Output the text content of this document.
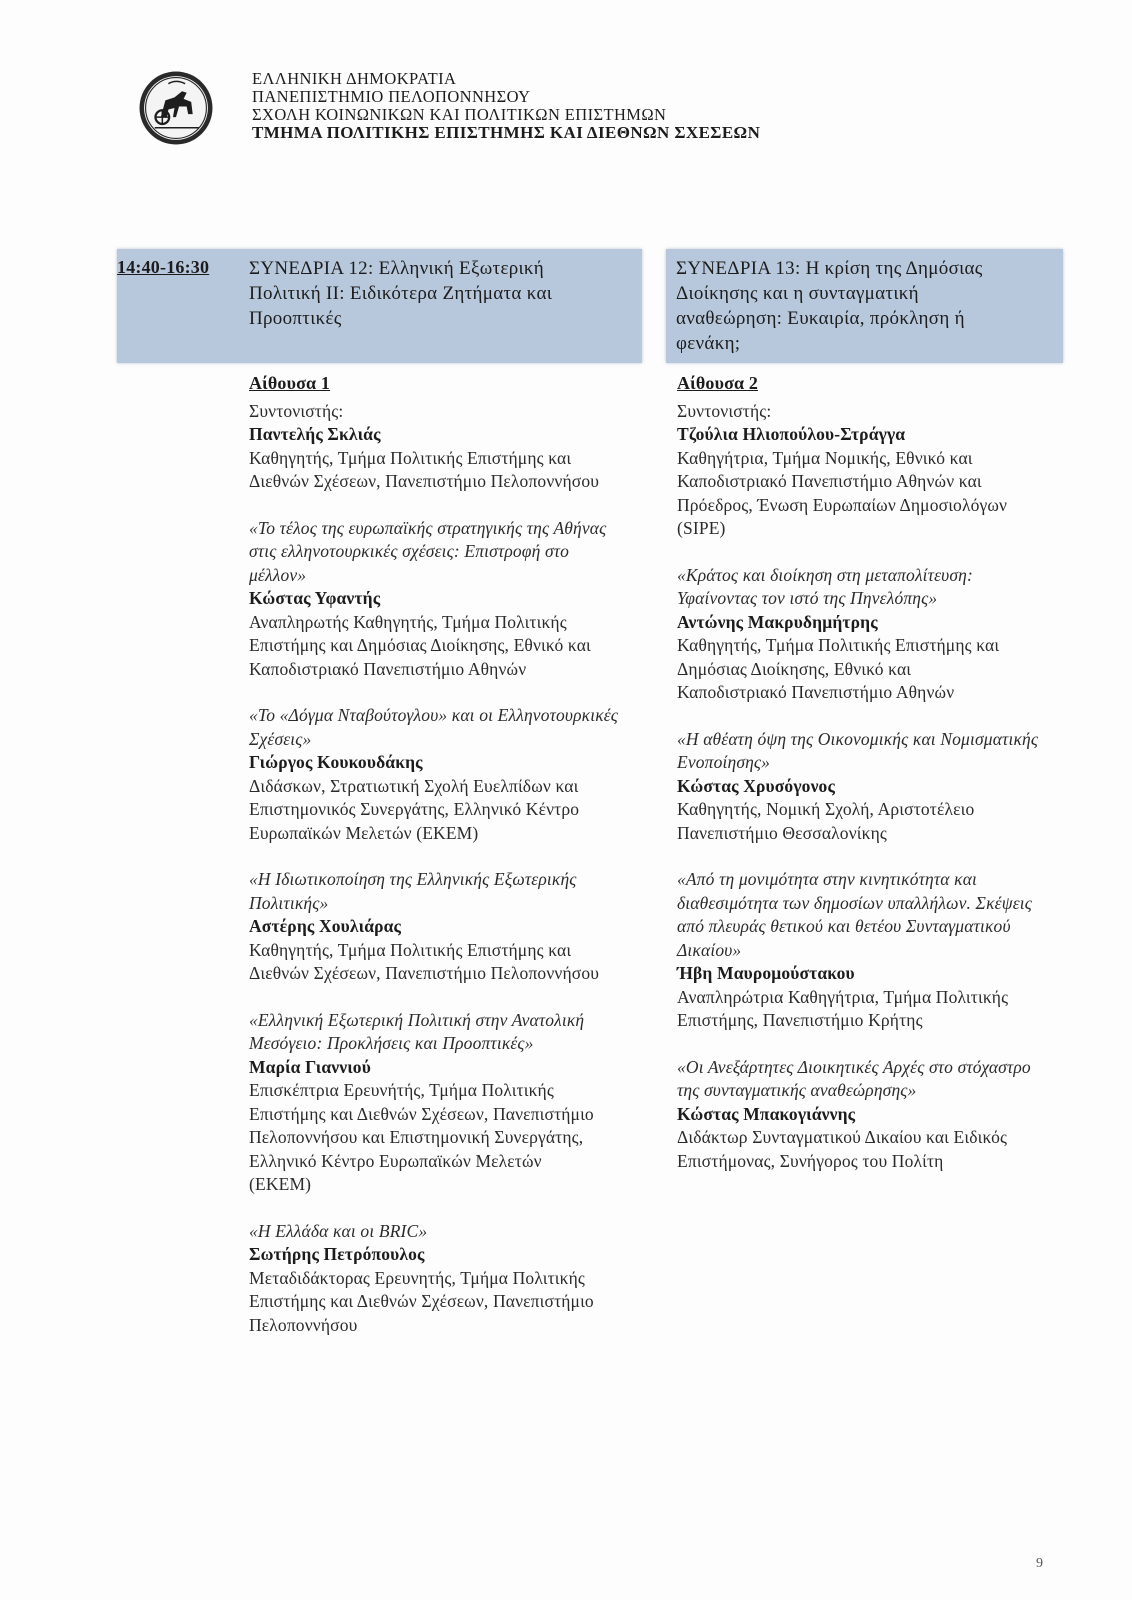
ΕΛΛΗΝΙΚΗ ΔΗΜΟΚΡΑΤΙΑ
ΠΑΝΕΠΙΣΤΗΜΙΟ ΠΕΛΟΠΟΝΝΗΣΟΥ
ΣΧΟΛΗ ΚΟΙΝΩΝΙΚΩΝ ΚΑΙ ΠΟΛΙΤΙΚΩΝ ΕΠΙΣΤΗΜΩΝ
ΤΜΗΜΑ ΠΟΛΙΤΙΚΗΣ ΕΠΙΣΤΗΜΗΣ ΚΑΙ ΔΙΕΘΝΩΝ ΣΧΕΣΕΩΝ
14:40-16:30 ΣΥΝΕΔΡΙΑ 12: Ελληνική Εξωτερική
Πολιτική ΙΙ: Ειδικότερα Ζητήματα και
Προοπτικές
ΣΥΝΕΔΡΙΑ 13: Η κρίση της Δημόσιας
Διοίκησης και η συνταγματική
αναθεώρηση: Ευκαιρία, πρόκληση ή
φενάκη;
Αίθουσα 1
Συντονιστής:
Παντελής Σκλιάς
Καθηγητής, Τμήμα Πολιτικής Επιστήμης και
Διεθνών Σχέσεων, Πανεπιστήμιο Πελοποννήσου
«Το τέλος της ευρωπαϊκής στρατηγικής της Αθήνας
στις ελληνοτουρκικές σχέσεις: Επιστροφή στο
μέλλον»
Κώστας Υφαντής
Αναπληρωτής Καθηγητής, Τμήμα Πολιτικής
Επιστήμης και Δημόσιας Διοίκησης, Εθνικό και
Καποδιστριακό Πανεπιστήμιο Αθηνών
«Το «Δόγμα Νταβούτογλου» και οι Ελληνοτουρκικές
Σχέσεις»
Γιώργος Κουκουδάκης
Διδάσκων, Στρατιωτική Σχολή Ευελπίδων και
Επιστημονικός Συνεργάτης, Ελληνικό Κέντρο
Ευρωπαϊκών Μελετών (ΕΚΕΜ)
«Η Ιδιωτικοποίηση της Ελληνικής Εξωτερικής
Πολιτικής»
Αστέρης Χουλιάρας
Καθηγητής, Τμήμα Πολιτικής Επιστήμης και
Διεθνών Σχέσεων, Πανεπιστήμιο Πελοποννήσου
«Ελληνική Εξωτερική Πολιτική στην Ανατολική
Μεσόγειο: Προκλήσεις και Προοπτικές»
Μαρία Γιαννιού
Επισκέπτρια Ερευνήτής, Τμήμα Πολιτικής
Επιστήμης και Διεθνών Σχέσεων, Πανεπιστήμιο
Πελοποννήσου και Επιστημονική Συνεργάτης,
Ελληνικό Κέντρο Ευρωπαϊκών Μελετών
(ΕΚΕΜ)
«Η Ελλάδα και οι BRIC»
Σωτήρης Πετρόπουλος
Μεταδιδάκτορας Ερευνητής, Τμήμα Πολιτικής
Επιστήμης και Διεθνών Σχέσεων, Πανεπιστήμιο
Πελοποννήσου
Αίθουσα 2
Συντονιστής:
Τζούλια Ηλιοπούλου-Στράγγα
Καθηγήτρια, Τμήμα Νομικής, Εθνικό και
Καποδιστριακό Πανεπιστήμιο Αθηνών και
Πρόεδρος, Ένωση Ευρωπαίων Δημοσιολόγων
(SIPE)
«Κράτος και διοίκηση στη μεταπολίτευση:
Υφαίνοντας τον ιστό της Πηνελόπης»
Αντώνης Μακρυδημήτρης
Καθηγητής, Τμήμα Πολιτικής Επιστήμης και
Δημόσιας Διοίκησης, Εθνικό και
Καποδιστριακό Πανεπιστήμιο Αθηνών
«Η αθέατη όψη της Οικονομικής και Νομισματικής
Ενοποίησης»
Κώστας Χρυσόγονος
Καθηγητής, Νομική Σχολή, Αριστοτέλειο
Πανεπιστήμιο Θεσσαλονίκης
«Από τη μονιμότητα στην κινητικότητα και
διαθεσιμότητα των δημοσίων υπαλλήλων. Σκέψεις
από πλευράς θετικού και θετέου Συνταγματικού
Δικαίου»
Ήβη Μαυρομούστακου
Αναπληρώτρια Καθηγήτρια, Τμήμα Πολιτικής
Επιστήμης, Πανεπιστήμιο Κρήτης
«Οι Ανεξάρτητες Διοικητικές Αρχές στο στόχαστρο
της συνταγματικής αναθεώρησης»
Κώστας Μπακογιάννης
Διδάκτωρ Συνταγματικού Δικαίου και Ειδικός
Επιστήμονας, Συνήγορος του Πολίτη
9
